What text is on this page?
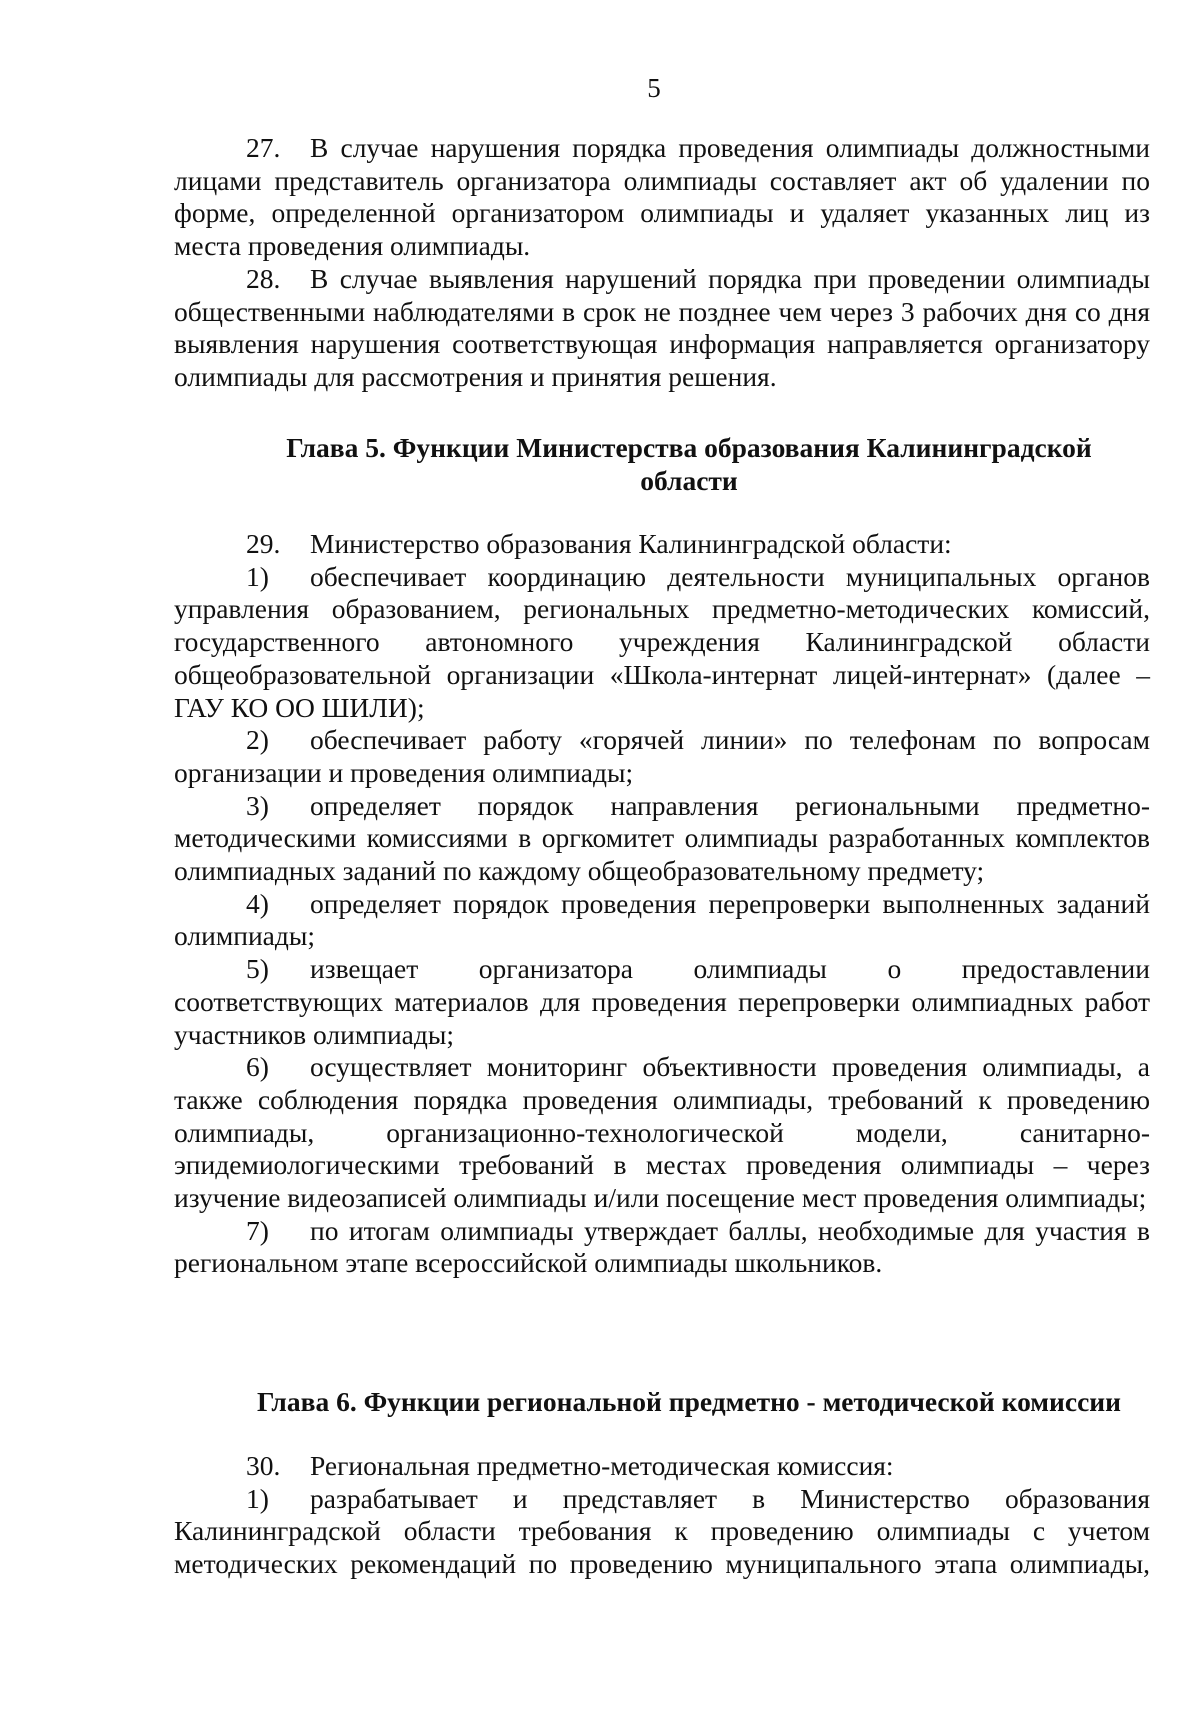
5

27. В случае нарушения порядка проведения олимпиады должностными лицами представитель организатора олимпиады составляет акт об удалении по форме, определенной организатором олимпиады и удаляет указанных лиц из места проведения олимпиады.

28. В случае выявления нарушений порядка при проведении олимпиады общественными наблюдателями в срок не позднее чем через 3 рабочих дня со дня выявления нарушения соответствующая информация направляется организатору олимпиады для рассмотрения и принятия решения.

Глава 5. Функции Министерства образования Калининградской

области

29. Министерство образования Калининградской области:

1) обеспечивает координацию деятельности муниципальных органов управления образованием, региональных предметно-методических комиссий, государственного автономного учреждения Калининградской области общеобразовательной организации «Школа-интернат лицей-интернат» (далее – ГАУ КО ОО ШИЛИ);

2) обеспечивает работу «горячей линии» по телефонам по вопросам организации и проведения олимпиады;

3) определяет порядок направления региональными предметно-методическими комиссиями в оргкомитет олимпиады разработанных комплектов олимпиадных заданий по каждому общеобразовательному предмету;

4) определяет порядок проведения перепроверки выполненных заданий олимпиады;

5) извещает организатора олимпиады о предоставлении соответствующих материалов для проведения перепроверки олимпиадных работ участников олимпиады;

6) осуществляет мониторинг объективности проведения олимпиады, а также соблюдения порядка проведения олимпиады, требований к проведению олимпиады, организационно-технологической модели, санитарно-эпидемиологическими требований в местах проведения олимпиады – через изучение видеозаписей олимпиады и/или посещение мест проведения олимпиады;

7) по итогам олимпиады утверждает баллы, необходимые для участия в региональном этапе всероссийской олимпиады школьников.

Глава 6. Функции региональной предметно - методической комиссии

30. Региональная предметно-методическая комиссия:

1) разрабатывает и представляет в Министерство образования Калининградской области требования к проведению олимпиады с учетом методических рекомендаций по проведению муниципального этапа олимпиады,
